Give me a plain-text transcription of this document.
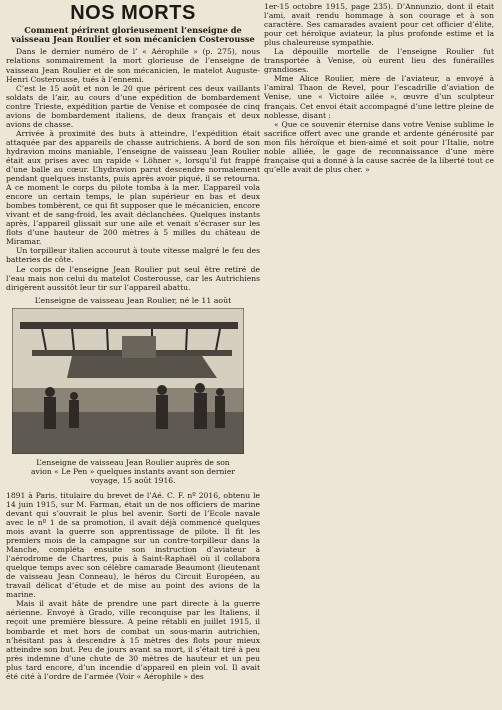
NOS MORTS
Comment périrent glorieusement l’enseigne de vaisseau Jean Roulier et son mécanicien Costerousse

Dans le dernier numéro de l’ « Aérophile » (p. 275), nous relations sommairement la mort glorieuse de l’enseigne de vaisseau Jean Roulier et de son mécanicien, le matelot Auguste-Henri Costerousse, tués à l’ennemi.

C’est le 15 août et non le 20 que périrent ces deux vaillants soldats de l’air, au cours d’une expédition de bombardement contre Trieste, expédition partie de Venise et composée de cinq avions de bombardement italiens, de deux français et deux avions de chasse.

Arrivée à proximité des buts à atteindre, l’expédition était attaquée par des appareils de chasse autrichiens. A bord de son hydravion moins maniable, l’enseigne de vaisseau Jean Roulier était aux prises avec un rapide « Löhner », lorsqu’il fut frappé d’une balle au cœur. L’hydravion parut descendre normalement pendant quelques instants, puis après avoir piqué, il se retourna. A ce moment le corps du pilote tomba à la mer. L’appareil vola encore un certain temps, le plan supérieur en bas et deux bombes tombèrent, ce qui fit supposer que le mécanicien, encore vivant et de sang-froid, les avait déclanchées. Quelques instants après, l’appareil glissait sur une aile et venait s’écraser sur les flots d’une hauteur de 200 mètres à 5 milles du château de Miramar.

Un torpilleur italien accourut à toute vitesse malgré le feu des batteries de côte.

Le corps de l’enseigne Jean Roulier put seul être retiré de l’eau mais non celui du matelot Costerousse, car les Autrichiens dirigèrent aussitôt leur tir sur l’appareil abattu.

L’enseigne de vaisseau Jean Roulier, né le 11 août

L’enseigne de vaisseau Jean Roulier auprès de son

avion « Le Pen » quelques instants avant son dernier

voyage, 15 août 1916.

1891 à Paris, titulaire du brevet de l’Aé. C. F. nº 2016, obtenu le 14 juin 1915, sur M. Farman, était un de nos officiers de marine devant qui s’ouvrait le plus bel avenir. Sorti de l’Ecole navale avec le nº 1 de sa promotion, il avait déjà commencé quelques mois avant la guerre son apprentissage de pilote. Il fit les premiers mois de la campagne sur un contre-torpilleur dans la Manche, compléta ensuite son instruction d’aviateur à l’aérodrome de Chartres, puis à Saint-Raphaël où il collabora quelque temps avec son célèbre camarade Beaumont (lieutenant de vaisseau Jean Conneau), le héros du Circuit Européen, au travail délicat d’étude et de mise au point des avions de la marine.

Mais il avait hâte de prendre une part directe à la guerre aérienne. Envoyé à Grado, ville reconquise par les Italiens, il reçoit une première blessure. A peine rétabli en juillet 1915, il bombarde et met hors de combat un sous-marin autrichien, n’hésitant pas à descendre à 15 mètres des flots pour mieux atteindre son but. Peu de jours avant sa mort, il s’était tiré à peu près indemne d’une chute de 30 mètres de hauteur et un peu plus tard encore, d’un incendie d’appareil en plein vol. Il avait été cité à l’ordre de l’armée (Voir « Aérophile » des

1er-15 octobre 1915, page 235). D’Annunzio, dont il était l’ami, avait rendu hommage à son courage et à son caractère. Ses camarades avaient pour cet officier d’élite, pour cet héroïque aviateur, la plus profonde estime et la plus chaleureuse sympathie.

La dépouille mortelle de l’enseigne Roulier fut transportée à Venise, où eurent lieu des funérailles grandioses.

Mme Alice Roulier, mère de l’aviateur, a envoyé à l’amiral Thaon de Revel, pour l’escadrille d’aviation de Venise, une « Victoire ailée », œuvre d’un sculpteur français. Cet envoi était accompagné d’une lettre pleine de noblesse, disant :

« Que ce souvenir éternise dans votre Venise sublime le sacrifice offert avec une grande et ardente générosité par mon fils héroïque et bien-aimé et soit pour l’Italie, notre noble alliée, le gage de reconnaissance d’une mère française qui a donné à la cause sacrée de la liberté tout ce qu’elle avait de plus cher. »
